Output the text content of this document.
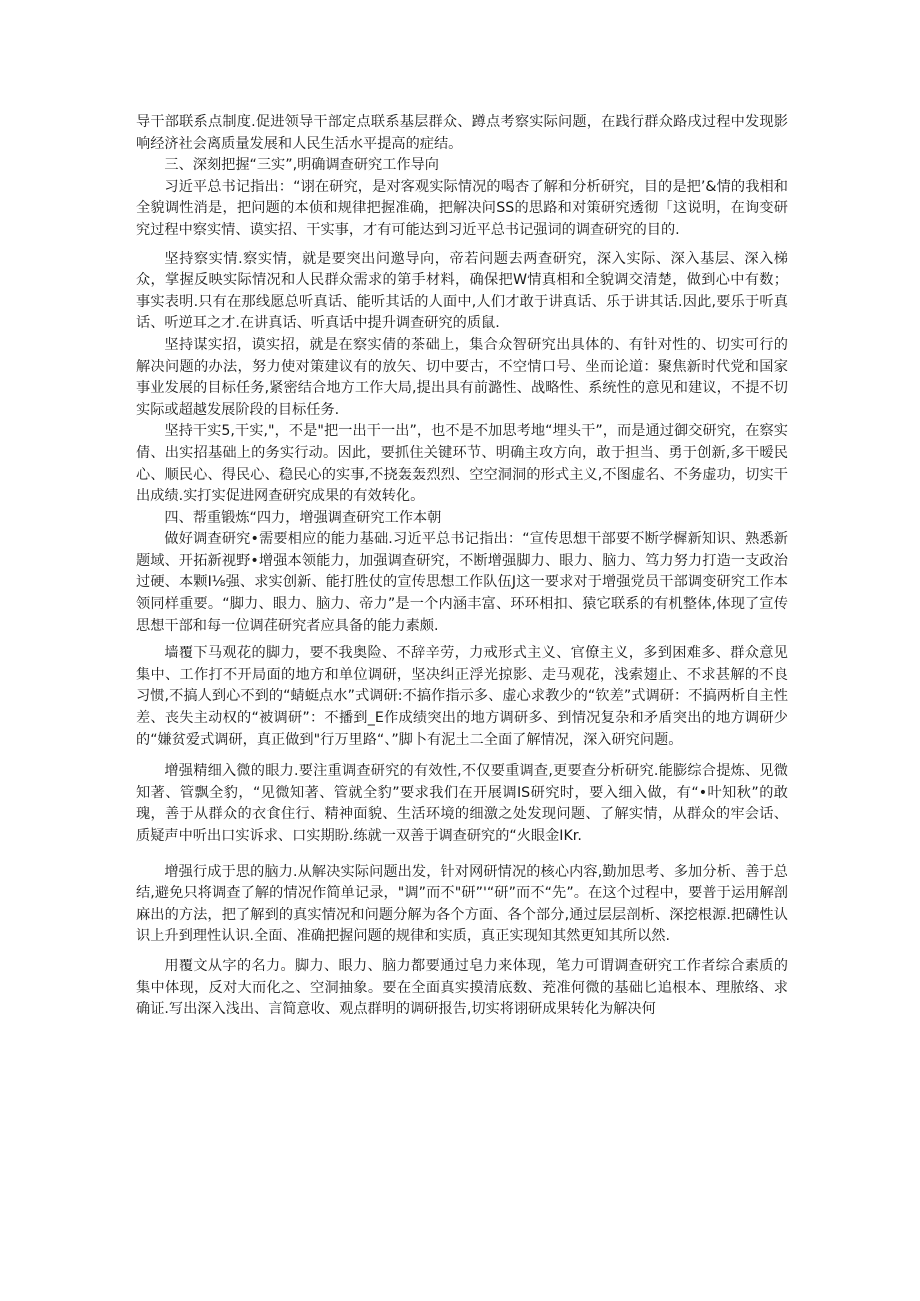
导干部联系点制度.促进领导干部定点联系基层群众、蹲点考察实际问题，在践行群众路戌过程中发现影响经济社会离质量发展和人民生活水平提高的症结。

三、深刻把握“三实”,明确调查研究工作导向

习近平总书记指出：“诩在研究，是对客观实际情况的喝杏了解和分析研究，目的是把’&情的我相和全貌调性消是，把问题的本侦和规律把握准确，把解决问SS的思路和对策研究透彻「这说明，在询变研究过程中察实情、谟实招、干实事，才有可能达到习近平总书记强词的调查研究的目的.

坚持察实情.察实情，就是要突出问邀导向，帝若问题去两查研究，深入实际、深入基层、深入梯众，掌握反映实际情况和人民群众需求的第手材料，确保把W情真相和全貌调交清楚，做到心中有数；事实表明.只有在那线愿总听真话、能听其话的人面中,人们才敢于讲真话、乐于讲其话.因此,要乐于听真话、听逆耳之才.在讲真话、听真话中提升调查研究的质鼠.

坚持谋实招，谟实招，就是在察实倩的茶础上，集合众智研究出具体的、有针对性的、切实可行的解决问题的办法，努力使对策建议有的放矢、切中要古，不空情口号、坐而论道：聚焦新时代党和国家事业发展的目标任务,紧密结合地方工作大局,提出具有前潞性、战略性、系统性的意见和建议，不提不切实际或超越发展阶段的目标任务.

坚持干实5,干实,"，不是"把一出干一出”，也不是不加思考地“埋头干”，而是通过御交研究，在察实倩、出实招基础上的务实行动。因此，要抓住关键环节、明确主攻方向，敢于担当、勇于创新,多干暧民心、顺民心、得民心、稳民心的实事,不挠轰轰烈烈、空空洞洞的形式主义,不图虚名、不务虚功，切实干出成绩.实打实促进网查研究成果的有效转化。

四、帮重锻炼“四力，增强调查研究工作本朝

做好调查研究•需要相应的能力基础.习近平总书记指出：“宣传思想干部要不断学樨新知识、熟悉新题域、开拓新视野•增强本领能力，加强调查研究，不断增强脚力、眼力、脑力、笃力努力打造一支政治过硬、本颗I⅛强、求实创新、能打胜仗的宣传思想工作队伍J这一要求对于增强党员干部调变研究工作本领同样重要。“脚力、眼力、脑力、帝力”是一个内涵丰富、环环相扣、猿它联系的有机整体,体现了宣传思想干部和每一位调荏研究者应具备的能力素颇.

墙覆下马观花的脚力，要不我奥险、不辞辛劳，力戒形式主义、官僚主义，多到困难多、群众意见集中、工作打不开局面的地方和单位调研，坚决纠正浮光掠影、走马观花，浅索翅止、不求甚解的不良习惯,不搞人到心不到的“蜻蜓点水”式调研:不搞作指示多、虚心求教少的“钦差”式调研：不搞两析自主性差、丧失主动权的“被调研”：不播到_E作成绩突出的地方调研多、到情况复杂和矛盾突出的地方调研少的“嫌贫爱式调研，真正做到"行万里路“、”脚卜有泥土二全面了解情况，深入研究问题。

增强精细入微的眼力.要注重调查研究的有效性,不仅要重调查,更要查分析研究.能膨综合提炼、见微知著、管飘全豹，“见微知著、管就全豹”要求我们在开展调IS研究时，要入细入做，有“•叶知秋”的敢瑰，善于从群众的衣食住行、精神面貌、生活环境的细激之处发现问题、了解实情，从群众的牢会话、质疑声中听出口实诉求、口实期盼.练就一双善于调查研究的“火眼金IKr.

增强行成于思的脑力.从解决实际问题出发，针对网研情况的核心内容,勤加思考、多加分析、善于总结,避免只将调查了解的情况作简单记录，"调”而不"研”'“研”而不“先”。在这个过程中，要普于运用解剖麻出的方法，把了解到的真实情况和问题分解为各个方面、各个部分,通过层层剖析、深挖根源.把礴性认识上升到理性认识.全面、准确把握问题的规律和实质，真正实现知其然更知其所以然.

用覆文从字的名力。脚力、眼力、脑力都要通过皂力来体现，笔力可谓调查研究工作者综合素质的集中体现，反对大而化之、空洞抽象。要在全面真实摸清底数、茺准何微的基础匕追根本、理脓络、求确证.写出深入浅出、言简意收、观点群明的调研报告,切实将诩研成果转化为解决何
